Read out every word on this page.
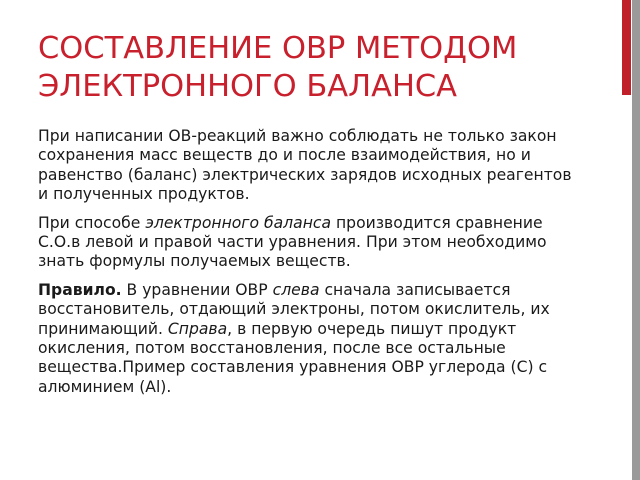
СОСТАВЛЕНИЕ ОВР МЕТОДОМ ЭЛЕКТРОННОГО БАЛАНСА

При написании ОВ-реакций важно соблюдать не только закон сохранения масс веществ до и после взаимодействия, но и равенство (баланс) электрических зарядов исходных реагентов и полученных продуктов.

При способе электронного баланса производится сравнение С.О.в левой и правой части уравнения. При этом необходимо знать формулы получаемых веществ.

Правило. В уравнении ОВР слева сначала записывается восстановитель, отдающий электроны, потом окислитель, их принимающий. Справа, в первую очередь пишут продукт окисления, потом восстановления, после все остальные вещества.Пример составления уравнения ОВР углерода (С) с алюминием (Al).
